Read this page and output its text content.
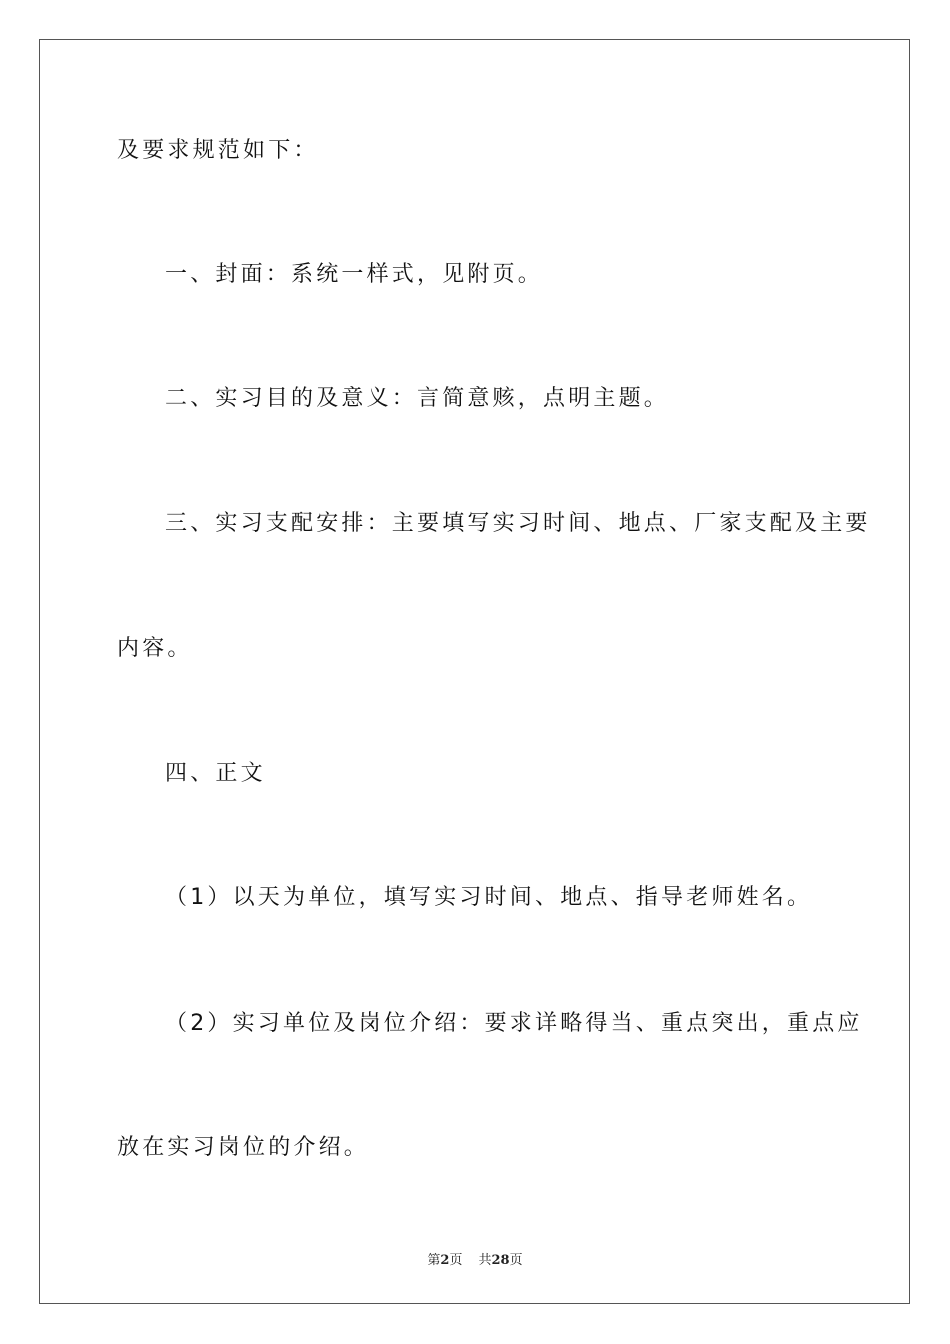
及要求规范如下：
一、封面：系统一样式，见附页。
二、实习目的及意义：言简意赅，点明主题。
三、实习支配安排：主要填写实习时间、地点、厂家支配及主要
内容。
四、正文
（1）以天为单位，填写实习时间、地点、指导老师姓名。
（2）实习单位及岗位介绍：要求详略得当、重点突出，重点应
放在实习岗位的介绍。
第2页 共28页
